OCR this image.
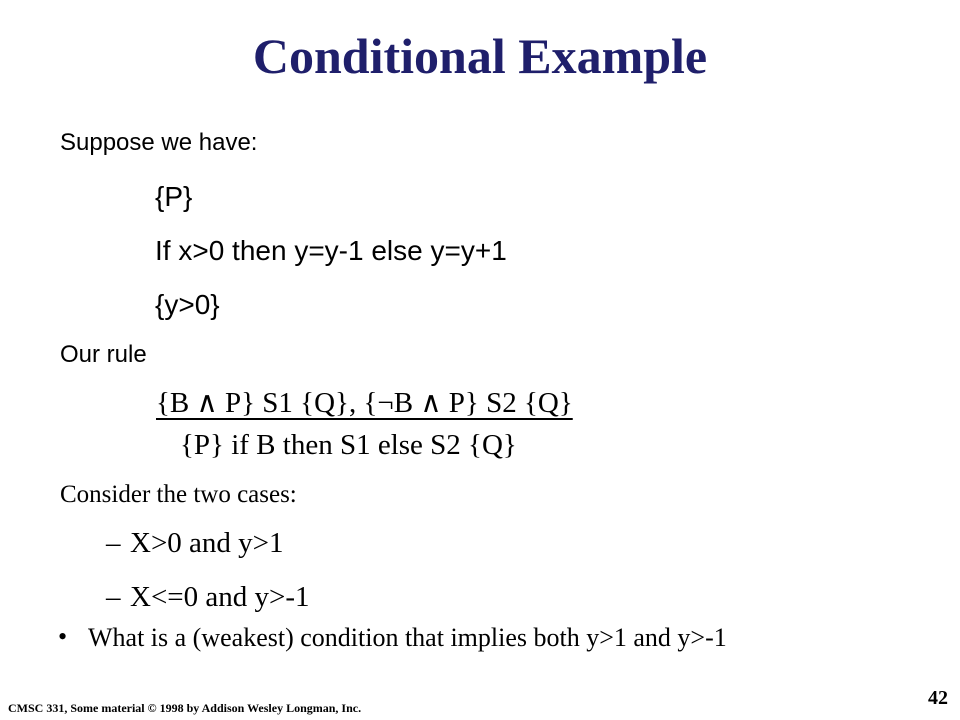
Conditional Example

Suppose we have:

{P}

If x>0 then y=y-1 else y=y+1

{y>0}

Our rule

{B ∧ P} S1 {Q}, {¬B ∧ P} S2 {Q}

{P} if B then S1 else S2 {Q}

Consider the two cases:

– X>0 and y>1

– X<=0 and y>-1

• What is a (weakest) condition that implies both y>1 and y>-1

CMSC 331, Some material © 1998 by Addison Wesley Longman, Inc.	42
